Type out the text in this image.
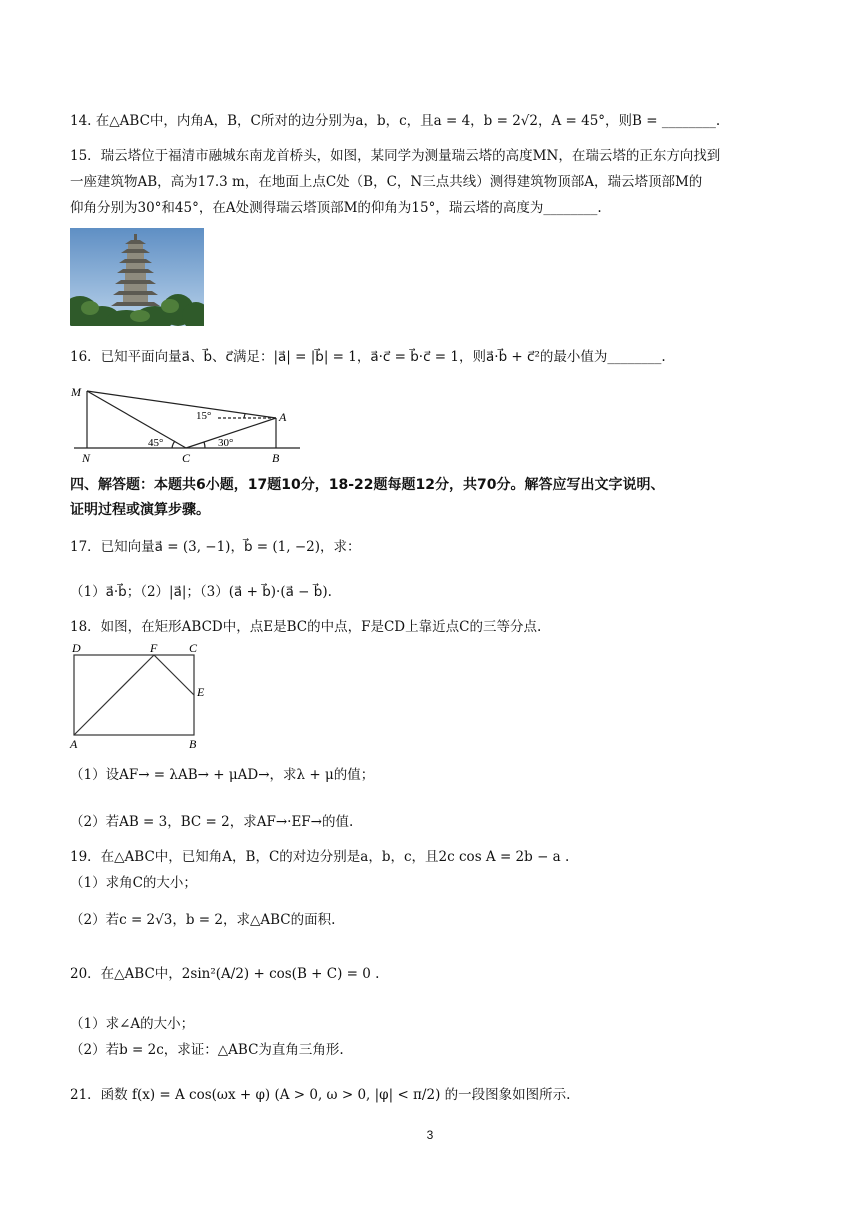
14. 在△ABC中，内角A，B，C所对的边分别为a，b，c，且a = 4，b = 2√2，A = 45°，则B = ________.
15．瑞云塔位于福清市融城东南龙首桥头，如图，某同学为测量瑞云塔的高度MN，在瑞云塔的正东方向找到
一座建筑物AB，高为17.3 m，在地面上点C处（B，C，N三点共线）测得建筑物顶部A，瑞云塔顶部M的
仰角分别为30°和45°，在A处测得瑞云塔顶部M的仰角为15°，瑞云塔的高度为________.
16．已知平面向量a⃗、b⃗、c⃗满足：|a⃗| = |b⃗| = 1，a⃗·c⃗ = b⃗·c⃗ = 1，则a⃗·b⃗ + c⃗²的最小值为________.
M
N	C
A
B
15°
45°	30°
四、解答题：本题共6小题，17题10分，18-22题每题12分，共70分。解答应写出文字说明、
证明过程或演算步骤。
17．已知向量a⃗ = (3, −1)，b⃗ = (1, −2)，求：
（1）a⃗·b⃗；（2）|a⃗|；（3）(a⃗ + b⃗)·(a⃗ − b⃗).
18．如图，在矩形ABCD中，点E是BC的中点，F是CD上靠近点C的三等分点.
D	F	C
E
A	B
（1）设AF→ = λAB→ + μAD→，求λ + μ的值；
（2）若AB = 3，BC = 2，求AF→·EF→的值.
19．在△ABC中，已知角A，B，C的对边分别是a，b，c，且2c cos A = 2b − a .
（1）求角C的大小；
（2）若c = 2√3，b = 2，求△ABC的面积.
20．在△ABC中，2sin²(A/2) + cos(B + C) = 0 .
（1）求∠A的大小；
（2）若b = 2c，求证：△ABC为直角三角形.
21．函数 f(x) = A cos(ωx + φ) (A > 0, ω > 0, |φ| < π/2) 的一段图象如图所示.
3
